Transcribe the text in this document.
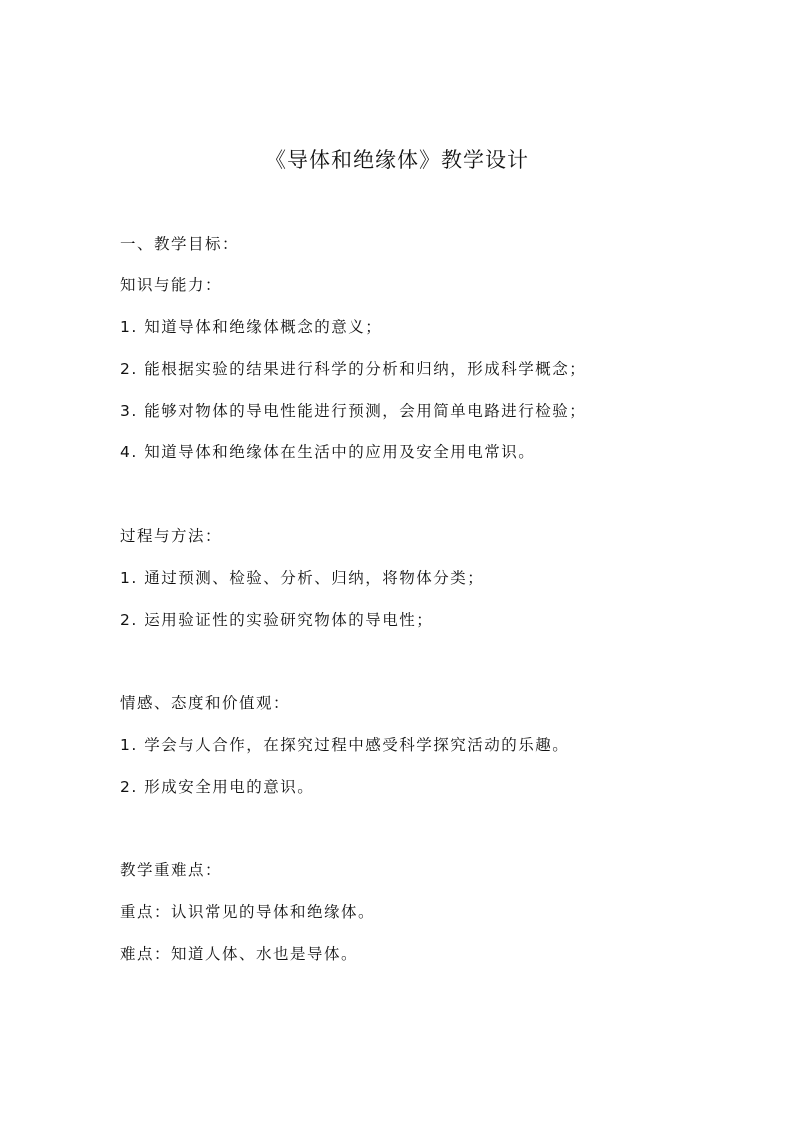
《导体和绝缘体》教学设计
一、教学目标：
知识与能力：
1. 知道导体和绝缘体概念的意义；
2. 能根据实验的结果进行科学的分析和归纳，形成科学概念；
3. 能够对物体的导电性能进行预测，会用简单电路进行检验；
4. 知道导体和绝缘体在生活中的应用及安全用电常识。
过程与方法：
1. 通过预测、检验、分析、归纳，将物体分类；
2. 运用验证性的实验研究物体的导电性；
情感、态度和价值观：
1. 学会与人合作，在探究过程中感受科学探究活动的乐趣。
2. 形成安全用电的意识。
教学重难点：
重点：认识常见的导体和绝缘体。
难点：知道人体、水也是导体。
